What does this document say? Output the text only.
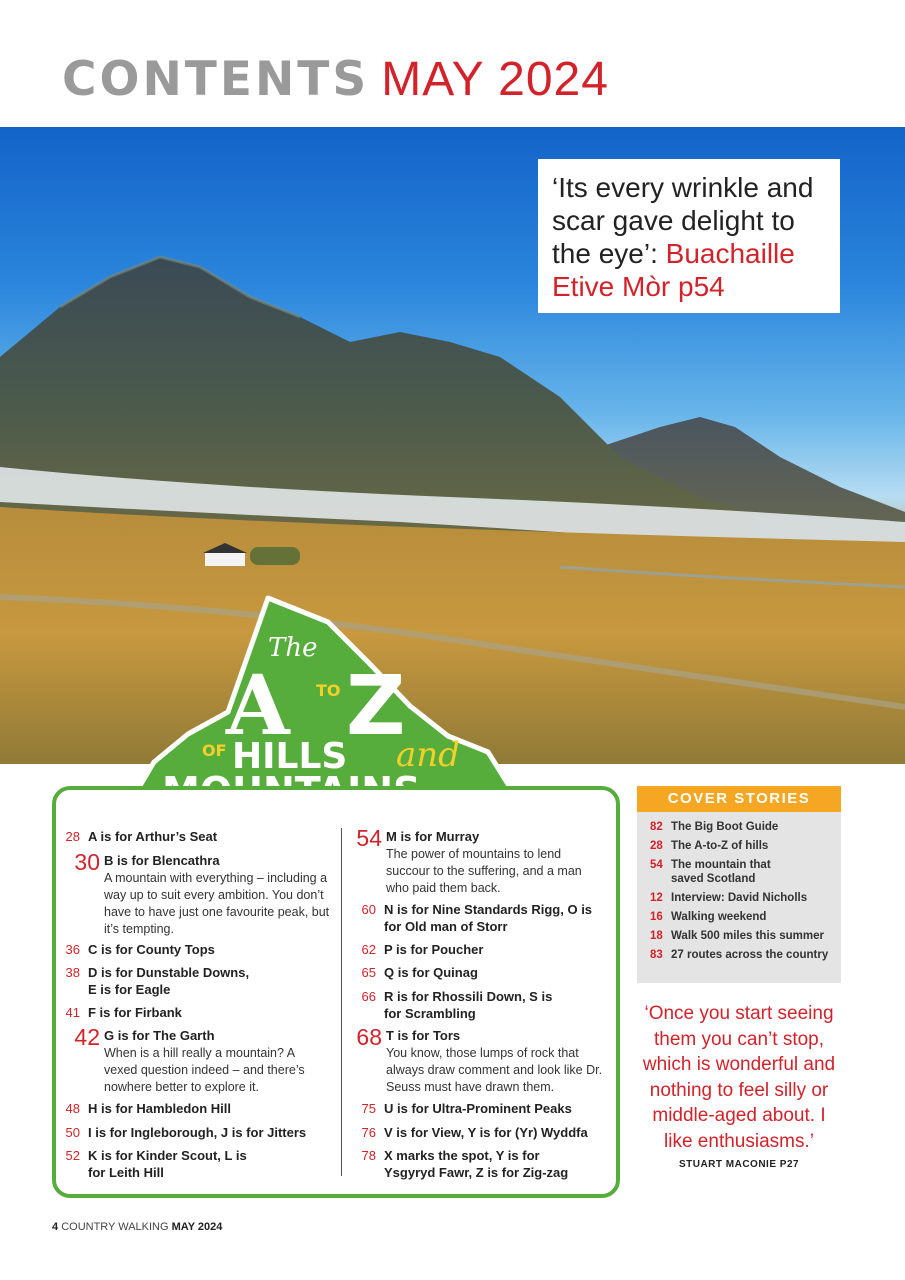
CONTENTS MAY 2024
The
A TO Z
OF HILLS and

‘Its every wrinkle and scar gave delight to the eye’: Buachaille Etive Mòr p54

28 A is for Arthur’s Seat
30 B is for Blencathra
A mountain with everything – including a way up to suit every ambition. You don’t have to have just one favourite peak, but it’s tempting.
36 C is for County Tops
38 D is for Dunstable Downs, E is for Eagle
41 F is for Firbank
42 G is for The Garth
When is a hill really a mountain? A vexed question indeed – and there’s nowhere better to explore it.
48 H is for Hambledon Hill
50 I is for Ingleborough, J is for Jitters
52 K is for Kinder Scout, L is for Leith Hill
54 M is for Murray
The power of mountains to lend succour to the suffering, and a man who paid them back.
60 N is for Nine Standards Rigg, O is for Old man of Storr
62 P is for Poucher
65 Q is for Quinag
66 R is for Rhossili Down, S is for Scrambling
68 T is for Tors
You know, those lumps of rock that always draw comment and look like Dr. Seuss must have drawn them.
75 U is for Ultra-Prominent Peaks
76 V is for View, Y is for (Yr) Wyddfa
78 X marks the spot, Y is for Ysgyryd Fawr, Z is for Zig-zag
COVER STORIES
82 The Big Boot Guide
28 The A-to-Z of hills
54 The mountain that saved Scotland
12 Interview: David Nicholls
16 Walking weekend
18 Walk 500 miles this summer
83 27 routes across the country

‘Once you start seeing them you can’t stop, which is wonderful and nothing to feel silly or middle-aged about. I like enthusiasms.’

STUART MACONIE P27

4 COUNTRY WALKING MAY 2024
